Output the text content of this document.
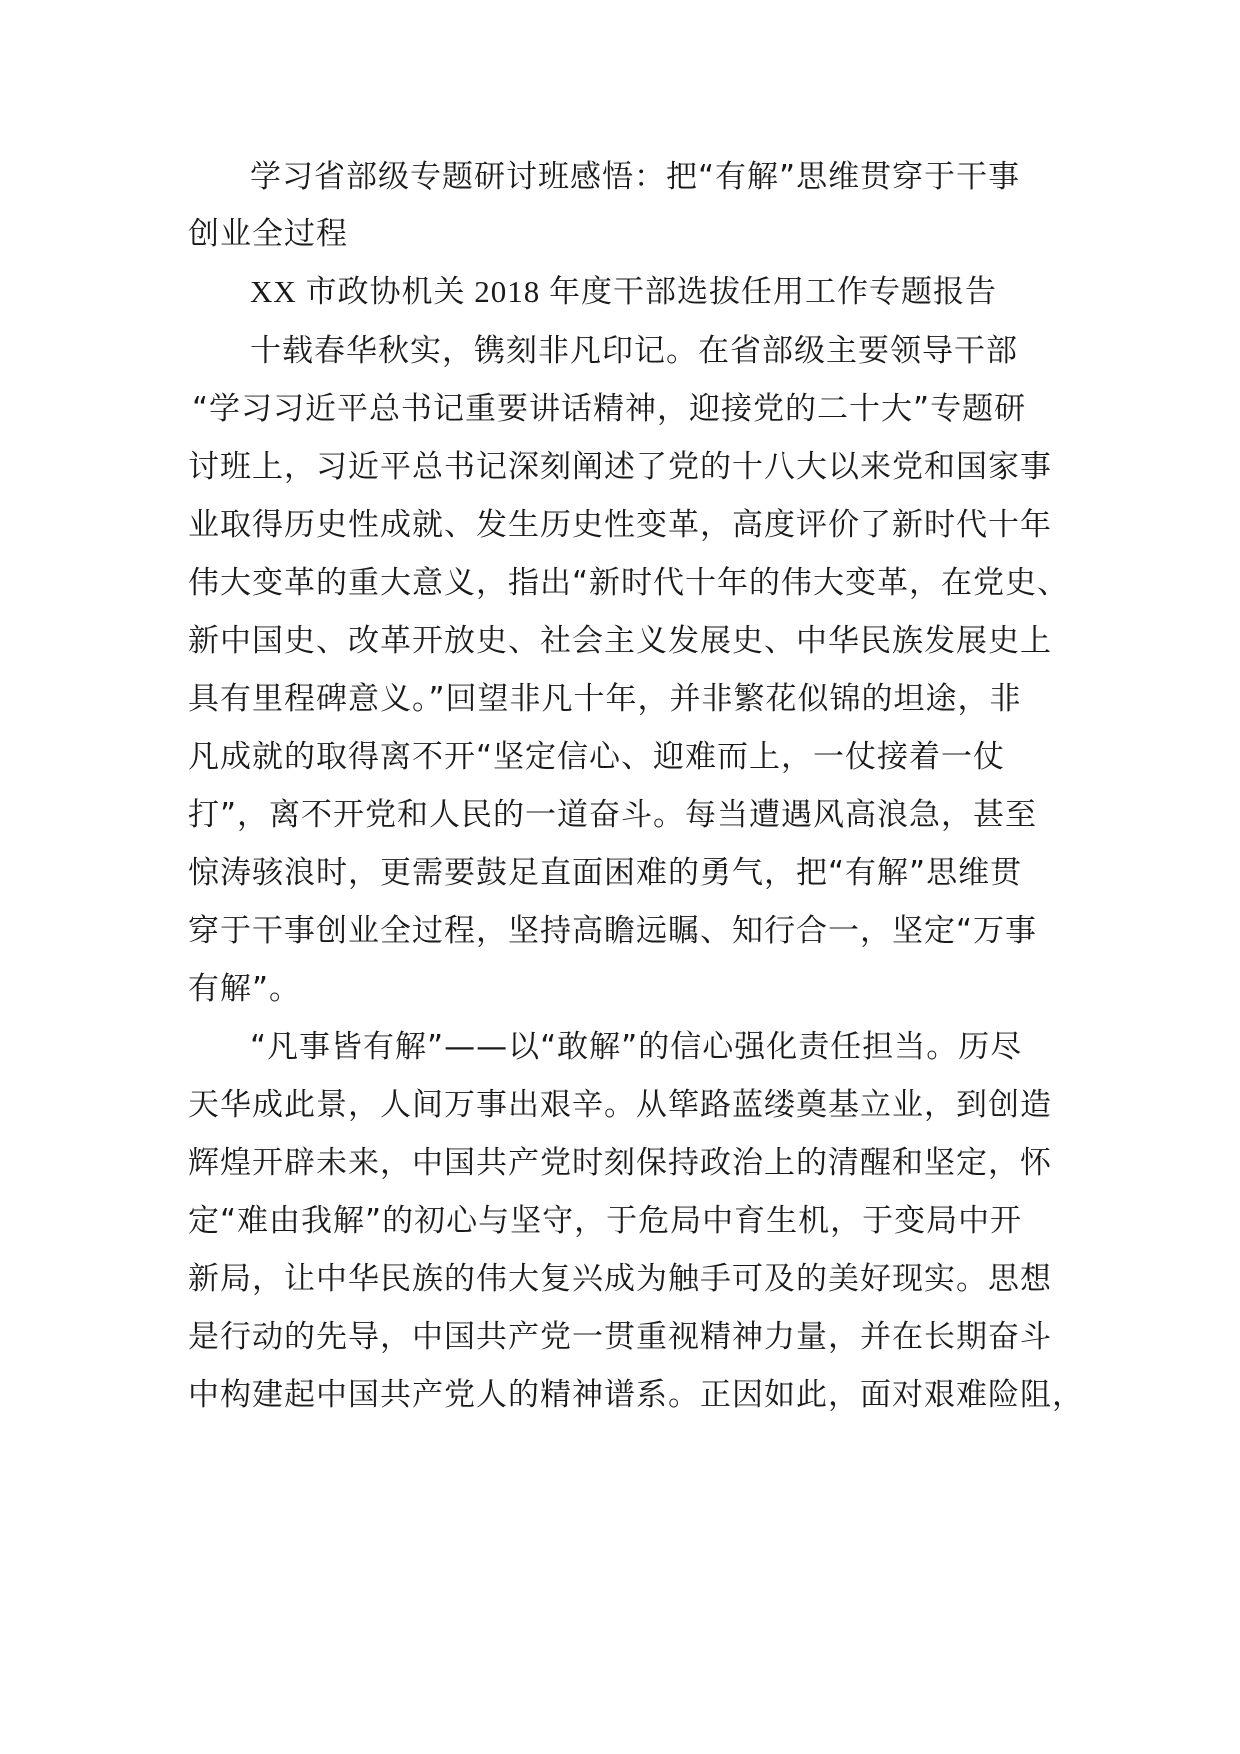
学习省部级专题研讨班感悟：把“有解”思维贯穿于干事
创业全过程
XX 市政协机关 2018 年度干部选拔任用工作专题报告
十载春华秋实，镌刻非凡印记。在省部级主要领导干部
“学习习近平总书记重要讲话精神，迎接党的二十大”专题研
讨班上，习近平总书记深刻阐述了党的十八大以来党和国家事
业取得历史性成就、发生历史性变革，高度评价了新时代十年
伟大变革的重大意义，指出“新时代十年的伟大变革，在党史、
新中国史、改革开放史、社会主义发展史、中华民族发展史上
具有里程碑意义。”回望非凡十年，并非繁花似锦的坦途，非
凡成就的取得离不开“坚定信心、迎难而上，一仗接着一仗
打”，离不开党和人民的一道奋斗。每当遭遇风高浪急，甚至
惊涛骇浪时，更需要鼓足直面困难的勇气，把“有解”思维贯
穿于干事创业全过程，坚持高瞻远瞩、知行合一，坚定“万事
有解”。
“凡事皆有解”——以“敢解”的信心强化责任担当。历尽
天华成此景，人间万事出艰辛。从筚路蓝缕奠基立业，到创造
辉煌开辟未来，中国共产党时刻保持政治上的清醒和坚定，怀
定“难由我解”的初心与坚守，于危局中育生机，于变局中开
新局，让中华民族的伟大复兴成为触手可及的美好现实。思想
是行动的先导，中国共产党一贯重视精神力量，并在长期奋斗
中构建起中国共产党人的精神谱系。正因如此，面对艰难险阻，
